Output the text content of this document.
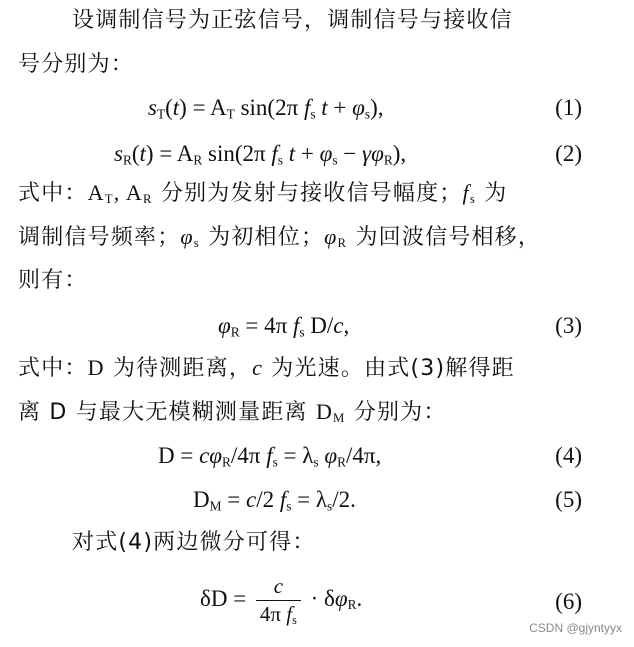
设调制信号为正弦信号，调制信号与接收信
号分别为：
$s_T(t) = A_T$ sin(2π $f_s$ $t + \varphi_s$),	(1)
$s_R(t) = A_R$ sin(2π $f_s$ $t + \varphi_s - \gamma\varphi_R$),	(2)
式中：$A_T$, $A_R$ 分别为发射与接收信号幅度；$f_s$ 为
调制信号频率；$\varphi_s$ 为初相位；$\varphi_R$ 为回波信号相移，
则有：
$\varphi_R = 4\pi$ $f_s$ D/c,	(3)
式中：D 为待测距离，c 为光速。由式(3)解得距
离 D 与最大无模糊测量距离 $D_M$ 分别为：
$D = c\varphi_R/4\pi$ $f_s = \lambda_s$ $\varphi_R/4\pi$,	(4)
$D_M = c/2$ $f_s = \lambda_s/2$.	(5)
对式(4)两边微分可得：
$\delta D = \frac{c}{4\pi f_s} \cdot \delta\varphi_R$.	(6)
CSDN @gjyntyyx
